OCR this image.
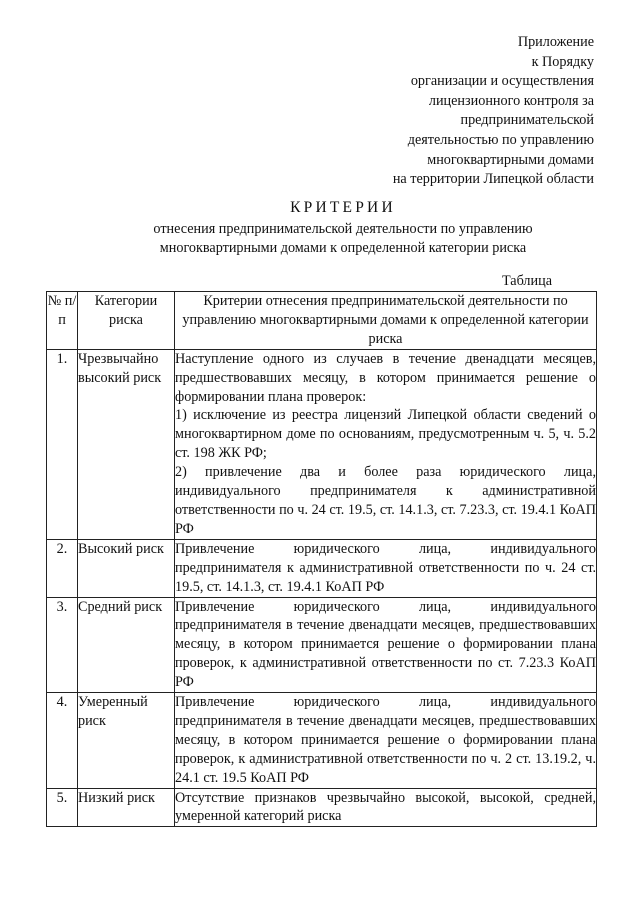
Приложение
к Порядку
организации и осуществления
лицензионного контроля за
предпринимательской
деятельностью по управлению
многоквартирными домами
на территории Липецкой области
КРИТЕРИИ
отнесения предпринимательской деятельности по управлению
многоквартирными домами к определенной категории риска
Таблица
№ п/п	Категории риска	Критерии отнесения предпринимательской деятельности по управлению многоквартирными домами к определенной категории риска
1.	Чрезвычайно высокий риск	Наступление одного из случаев в течение двенадцати месяцев, предшествовавших месяцу, в котором принимается решение о формировании плана проверок:

1) исключение из реестра лицензий Липецкой области сведений о многоквартирном доме по основаниям, предусмотренным ч. 5, ч. 5.2 ст. 198 ЖК РФ;

2) привлечение два и более раза юридического лица, индивидуального предпринимателя к административной ответственности по ч. 24 ст. 19.5, ст. 14.1.3, ст. 7.23.3, ст. 19.4.1 КоАП РФ

2.	Высокий риск	Привлечение юридического лица, индивидуального предпринимателя к административной ответственности по ч. 24 ст. 19.5, ст. 14.1.3, ст. 19.4.1 КоАП РФ

3.	Средний риск	Привлечение юридического лица, индивидуального предпринимателя в течение двенадцати месяцев, предшествовавших месяцу, в котором принимается решение о формировании плана проверок, к административной ответственности по ст. 7.23.3 КоАП РФ

4.	Умеренный риск	Привлечение юридического лица, индивидуального предпринимателя в течение двенадцати месяцев, предшествовавших месяцу, в котором принимается решение о формировании плана проверок, к административной ответственности по ч. 2 ст. 13.19.2, ч. 24.1 ст. 19.5 КоАП РФ

5.	Низкий риск	Отсутствие признаков чрезвычайно высокой, высокой, средней, умеренной категорий риска
